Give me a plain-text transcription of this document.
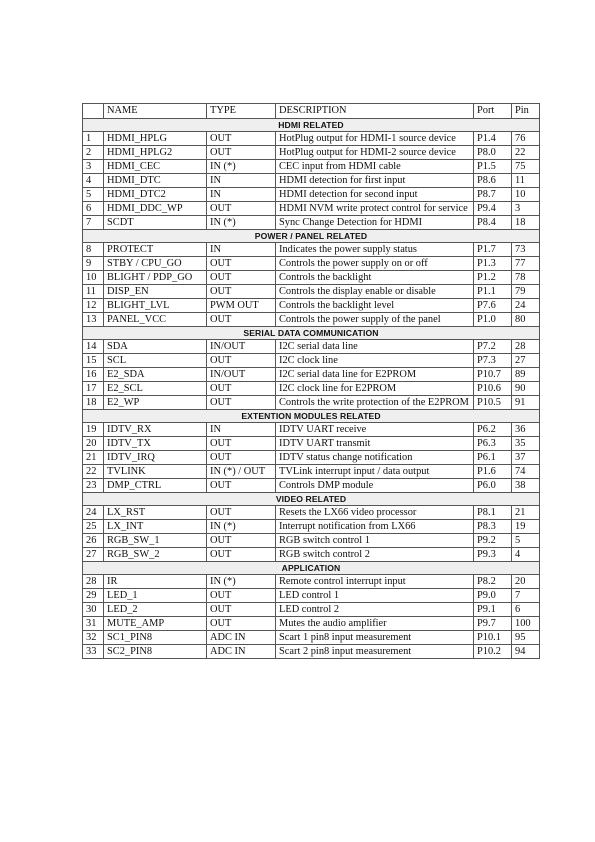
	NAME	TYPE	DESCRIPTION	Port	Pin
HDMI RELATED					
1	HDMI_HPLG	OUT	HotPlug output for HDMI-1 source device	P1.4	76
2	HDMI_HPLG2	OUT	HotPlug output for HDMI-2 source device	P8.0	22
3	HDMI_CEC	IN (*)	CEC input from HDMI cable	P1.5	75
4	HDMI_DTC	IN	HDMI detection for first input	P8.6	11
5	HDMI_DTC2	IN	HDMI detection for second input	P8.7	10
6	HDMI_DDC_WP	OUT	HDMI NVM write protect control for service	P9.4	3
7	SCDT	IN (*)	Sync Change Detection for HDMI	P8.4	18
POWER / PANEL RELATED					
8	PROTECT	IN	Indicates the power supply status	P1.7	73
9	STBY / CPU_GO	OUT	Controls the power supply on or off	P1.3	77
10	BLIGHT / PDP_GO	OUT	Controls the backlight	P1.2	78
11	DISP_EN	OUT	Controls the display enable or disable	P1.1	79
12	BLIGHT_LVL	PWM OUT	Controls the backlight level	P7.6	24
13	PANEL_VCC	OUT	Controls the power supply of the panel	P1.0	80
SERIAL DATA COMMUNICATION					
14	SDA	IN/OUT	I2C serial data line	P7.2	28
15	SCL	OUT	I2C clock line	P7.3	27
16	E2_SDA	IN/OUT	I2C serial data line for E2PROM	P10.7	89
17	E2_SCL	OUT	I2C clock line for E2PROM	P10.6	90
18	E2_WP	OUT	Controls the write protection of the E2PROM	P10.5	91
EXTENTION MODULES RELATED					
19	IDTV_RX	IN	IDTV UART receive	P6.2	36
20	IDTV_TX	OUT	IDTV UART transmit	P6.3	35
21	IDTV_IRQ	OUT	IDTV status change notification	P6.1	37
22	TVLINK	IN (*) / OUT	TVLink interrupt input / data output	P1.6	74
23	DMP_CTRL	OUT	Controls DMP module	P6.0	38
VIDEO RELATED					
24	LX_RST	OUT	Resets the LX66 video processor	P8.1	21
25	LX_INT	IN (*)	Interrupt notification from LX66	P8.3	19
26	RGB_SW_1	OUT	RGB switch control 1	P9.2	5
27	RGB_SW_2	OUT	RGB switch control 2	P9.3	4
APPLICATION					
28	IR	IN (*)	Remote control interrupt input	P8.2	20
29	LED_1	OUT	LED control 1	P9.0	7
30	LED_2	OUT	LED control 2	P9.1	6
31	MUTE_AMP	OUT	Mutes the audio amplifier	P9.7	100
32	SC1_PIN8	ADC IN	Scart 1 pin8 input measurement	P10.1	95
33	SC2_PIN8	ADC IN	Scart 2 pin8 input measurement	P10.2	94
